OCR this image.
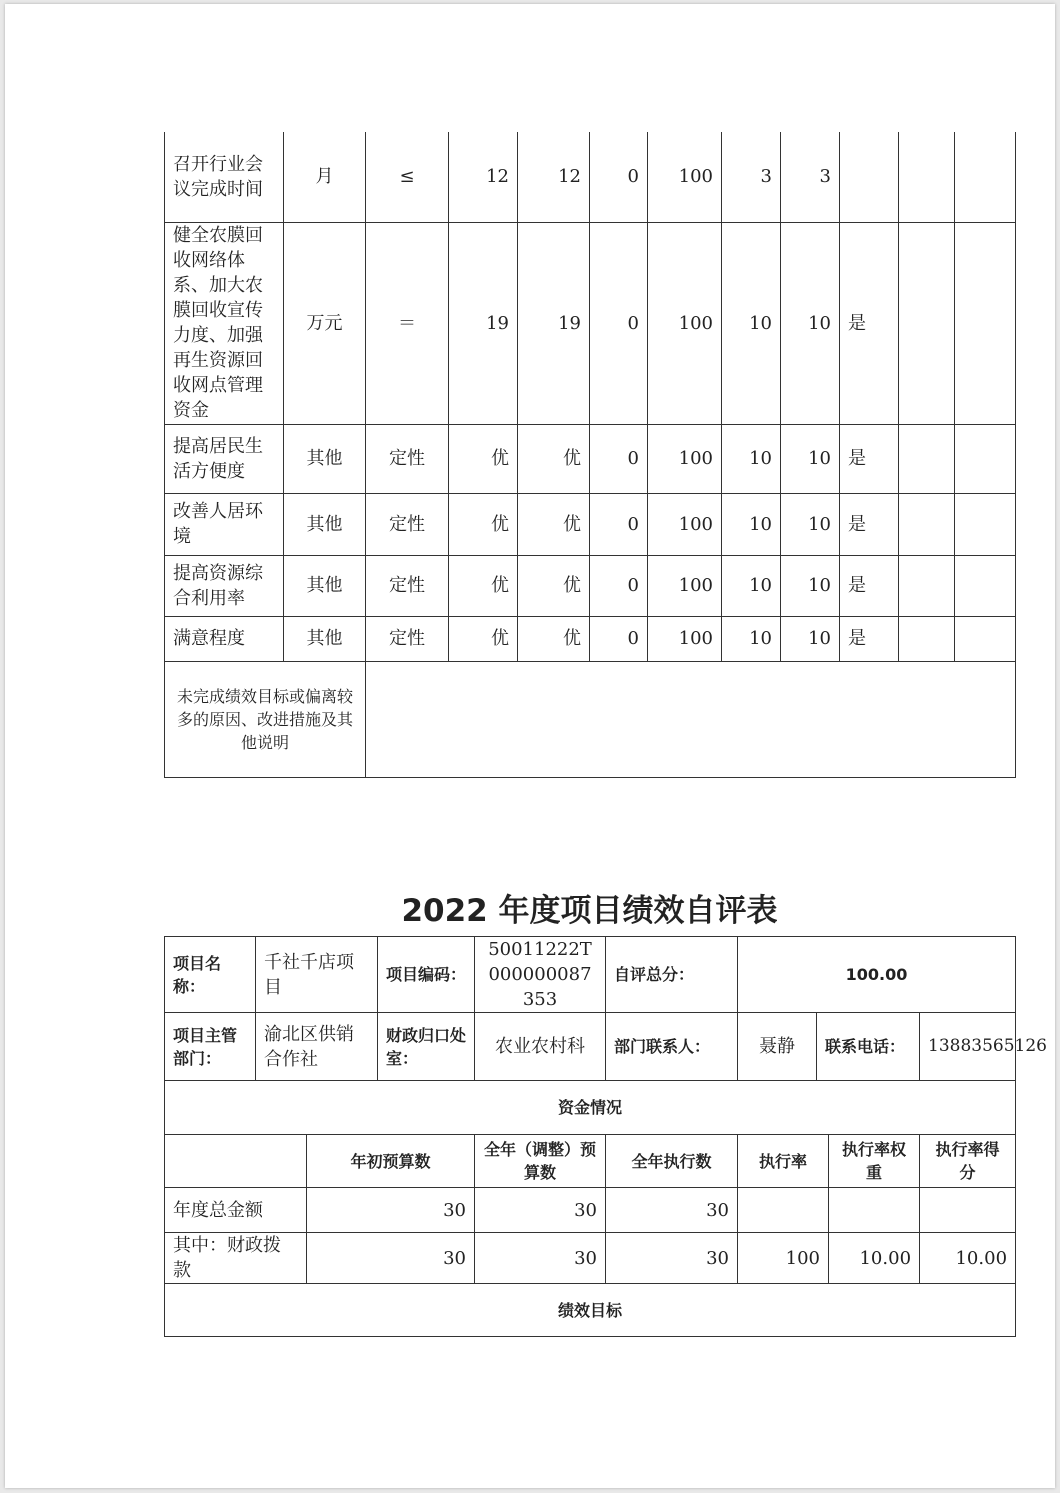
召开行业会议完成时间	月	≤	12	12	0	100	3	3			
健全农膜回收网络体系、加大农膜回收宣传力度、加强再生资源回收网点管理资金	万元	＝	19	19	0	100	10	10	是		
提高居民生活方便度	其他	定性	优	优	0	100	10	10	是		
改善人居环境	其他	定性	优	优	0	100	10	10	是		
提高资源综合利用率	其他	定性	优	优	0	100	10	10	是		
满意程度	其他	定性	优	优	0	100	10	10	是		
未完成绩效目标或偏离较多的原因、改进措施及其他说明											
2022 年度项目绩效自评表
项目名称：	千社千店项目		项目编码：	50011222T000000087353	自评总分：	100.00			
项目主管部门：	渝北区供销合作社		财政归口处室：	农业农村科	部门联系人：	聂静	联系电话：		13883565126
资金情况									
		年初预算数		全年（调整）预算数	全年执行数	执行率		执行率权重	执行率得分
年度总金额		30		30	30				
其中：财政拨款		30		30	30	100		10.00	10.00
绩效目标									
